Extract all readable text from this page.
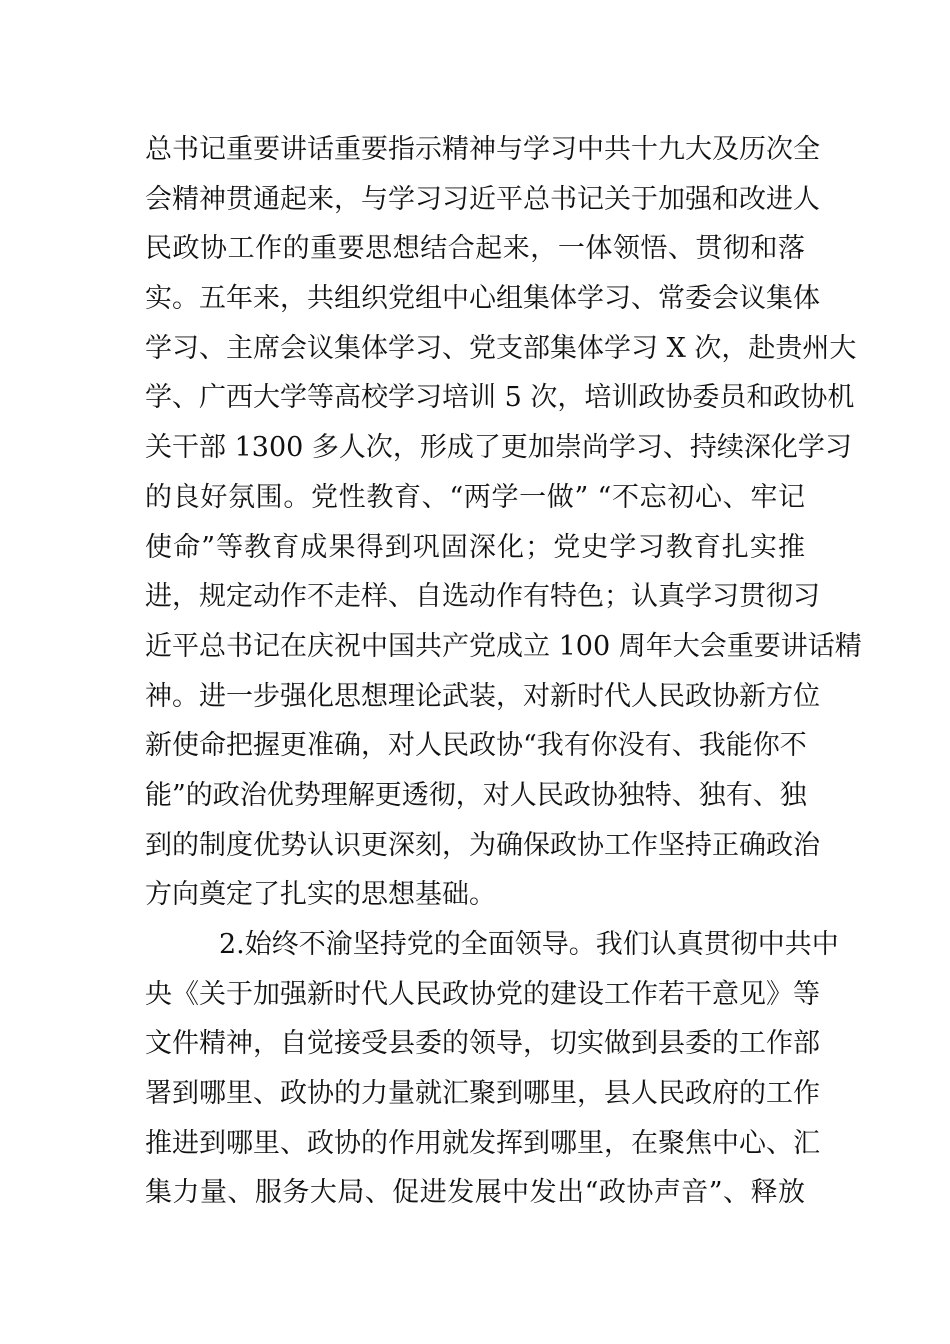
总书记重要讲话重要指示精神与学习中共十九大及历次全
会精神贯通起来，与学习习近平总书记关于加强和改进人
民政协工作的重要思想结合起来，一体领悟、贯彻和落
实。五年来，共组织党组中心组集体学习、常委会议集体
学习、主席会议集体学习、党支部集体学习 X 次，赴贵州大
学、广西大学等高校学习培训 5 次，培训政协委员和政协机
关干部 1300 多人次，形成了更加崇尚学习、持续深化学习
的良好氛围。党性教育、“两学一做” “不忘初心、牢记
使命”等教育成果得到巩固深化；党史学习教育扎实推
进，规定动作不走样、自选动作有特色；认真学习贯彻习
近平总书记在庆祝中国共产党成立 100 周年大会重要讲话精
神。进一步强化思想理论武装，对新时代人民政协新方位
新使命把握更准确，对人民政协“我有你没有、我能你不
能”的政治优势理解更透彻，对人民政协独特、独有、独
到的制度优势认识更深刻，为确保政协工作坚持正确政治
方向奠定了扎实的思想基础。
2.始终不渝坚持党的全面领导。我们认真贯彻中共中
央《关于加强新时代人民政协党的建设工作若干意见》等
文件精神，自觉接受县委的领导，切实做到县委的工作部
署到哪里、政协的力量就汇聚到哪里，县人民政府的工作
推进到哪里、政协的作用就发挥到哪里，在聚焦中心、汇
集力量、服务大局、促进发展中发出“政协声音”、释放
